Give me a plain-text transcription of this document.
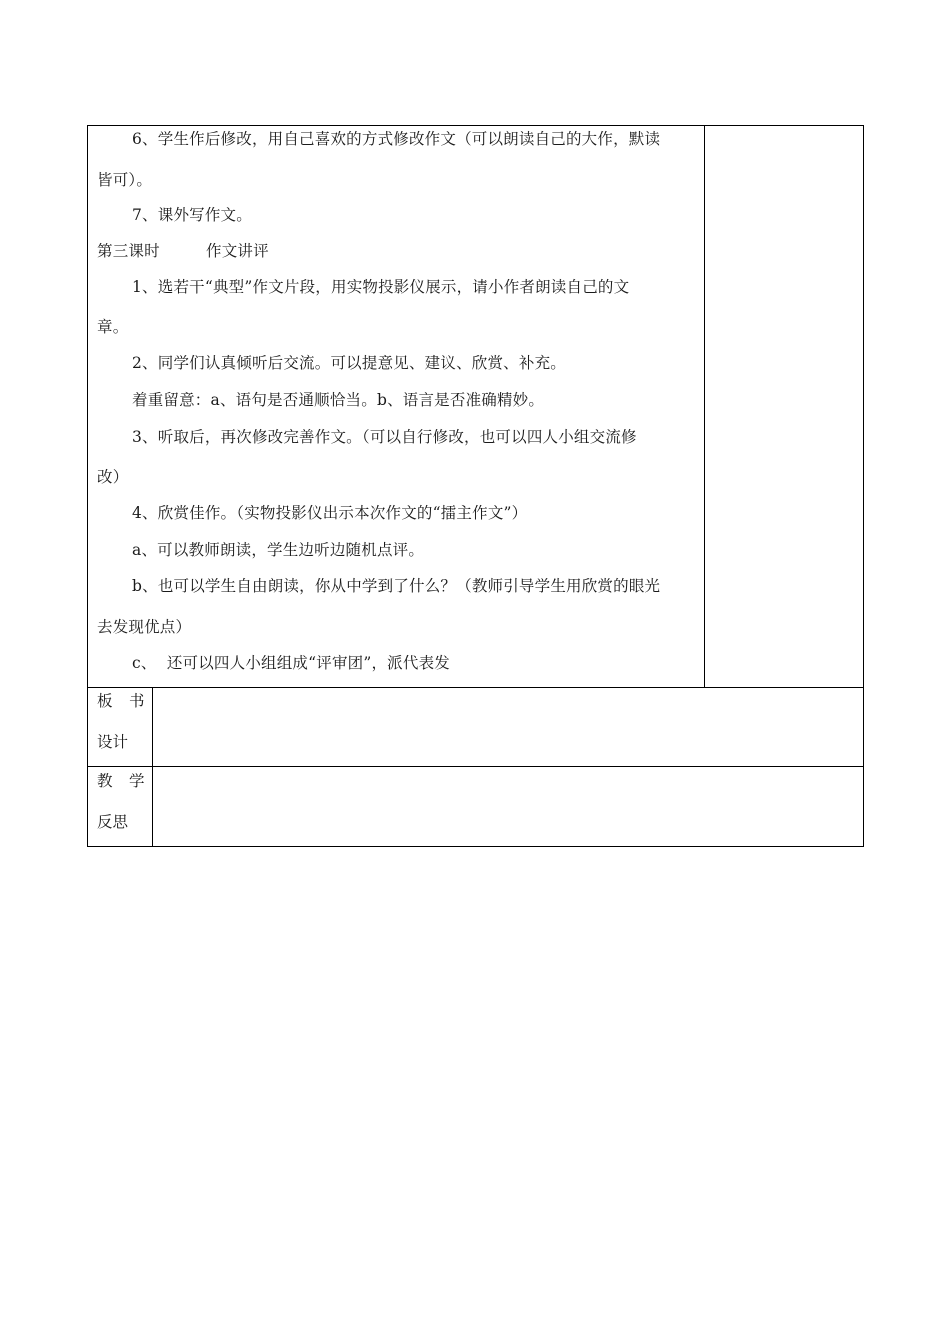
6、学生作后修改，用自己喜欢的方式修改作文（可以朗读自己的大作，默读
皆可）。
7、课外写作文。
第三课时	作文讲评
1、选若干“典型”作文片段，用实物投影仪展示，请小作者朗读自己的文
章。
2、同学们认真倾听后交流。可以提意见、建议、欣赏、补充。
着重留意：a、语句是否通顺恰当。b、语言是否准确精妙。
3、听取后，再次修改完善作文。（可以自行修改，也可以四人小组交流修
改）
4、欣赏佳作。（实物投影仪出示本次作文的“擂主作文”）
a、可以教师朗读，学生边听边随机点评。
b、也可以学生自由朗读，你从中学到了什么？（教师引导学生用欣赏的眼光
去发现优点）
c、  还可以四人小组组成“评审团”，派代表发
板 书
设计
教 学
反思
